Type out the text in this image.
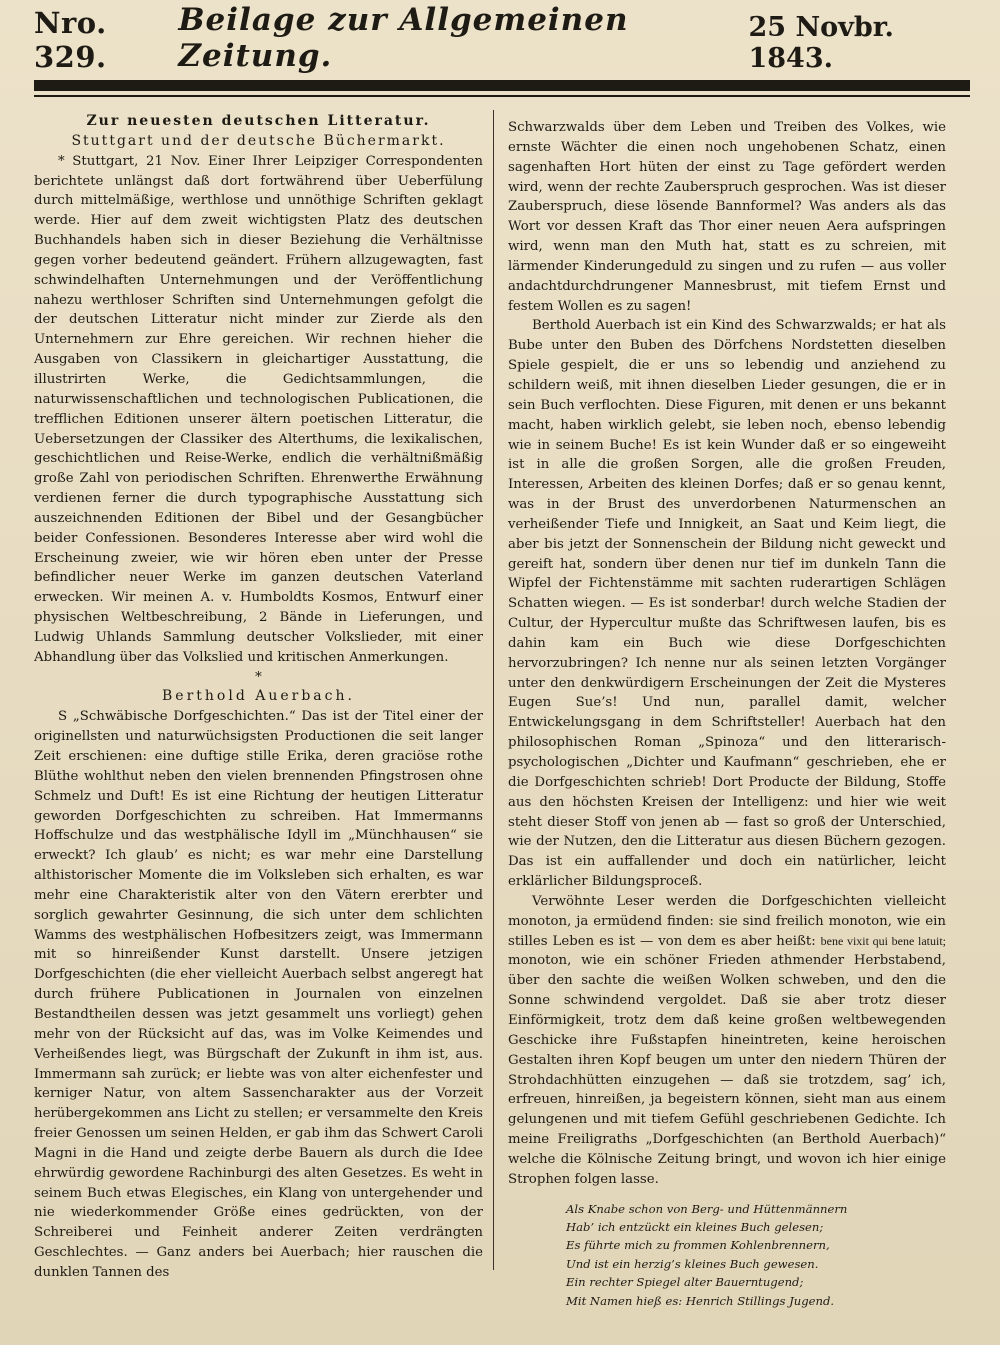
Nro. 329.
Beilage zur Allgemeinen Zeitung.
25 Novbr. 1843.

Zur neuesten deutschen Litteratur.

Stuttgart und der deutsche Büchermarkt.

* Stuttgart, 21 Nov. Einer Ihrer Leipziger Correspondenten berichtete unlängst daß dort fortwährend über Ueberfülung durch mittelmäßige, werthlose und unnöthige Schriften geklagt werde. Hier auf dem zweit wichtigsten Platz des deutschen Buchhandels haben sich in dieser Beziehung die Verhältnisse gegen vorher bedeutend geändert. Frühern allzugewagten, fast schwindelhaften Unternehmungen und der Veröffentlichung nahezu werthloser Schriften sind Unternehmungen gefolgt die der deutschen Litteratur nicht minder zur Zierde als den Unternehmern zur Ehre gereichen. Wir rechnen hieher die Ausgaben von Classikern in gleichartiger Ausstattung, die illustrirten Werke, die Gedichtsammlungen, die naturwissenschaftlichen und technologischen Publicationen, die trefflichen Editionen unserer ältern poetischen Litteratur, die Uebersetzungen der Classiker des Alterthums, die lexikalischen, geschichtlichen und Reise-Werke, endlich die verhältnißmäßig große Zahl von periodischen Schriften. Ehrenwerthe Erwähnung verdienen ferner die durch typographische Ausstattung sich auszeichnenden Editionen der Bibel und der Gesangbücher beider Confessionen. Besonderes Interesse aber wird wohl die Erscheinung zweier, wie wir hören eben unter der Presse befindlicher neuer Werke im ganzen deutschen Vaterland erwecken. Wir meinen A. v. Humboldts Kosmos, Entwurf einer physischen Weltbeschreibung, 2 Bände in Lieferungen, und Ludwig Uhlands Sammlung deutscher Volkslieder, mit einer Abhandlung über das Volkslied und kritischen Anmerkungen.

*

Berthold Auerbach.

S „Schwäbische Dorfgeschichten.“ Das ist der Titel einer der originellsten und naturwüchsigsten Productionen die seit langer Zeit erschienen: eine duftige stille Erika, deren graciöse rothe Blüthe wohlthut neben den vielen brennenden Pfingstrosen ohne Schmelz und Duft! Es ist eine Richtung der heutigen Litteratur geworden Dorfgeschichten zu schreiben. Hat Immermanns Hoffschulze und das westphälische Idyll im „Münchhausen“ sie erweckt? Ich glaub’ es nicht; es war mehr eine Darstellung althistorischer Momente die im Volksleben sich erhalten, es war mehr eine Charakteristik alter von den Vätern ererbter und sorglich gewahrter Gesinnung, die sich unter dem schlichten Wamms des westphälischen Hofbesitzers zeigt, was Immermann mit so hinreißender Kunst darstellt. Unsere jetzigen Dorfgeschichten (die eher vielleicht Auerbach selbst angeregt hat durch frühere Publicationen in Journalen von einzelnen Bestandtheilen dessen was jetzt gesammelt uns vorliegt) gehen mehr von der Rücksicht auf das, was im Volke Keimendes und Verheißendes liegt, was Bürgschaft der Zukunft in ihm ist, aus. Immermann sah zurück; er liebte was von alter eichenfester und kerniger Natur, von altem Sassencharakter aus der Vorzeit herübergekommen ans Licht zu stellen; er versammelte den Kreis freier Genossen um seinen Helden, er gab ihm das Schwert Caroli Magni in die Hand und zeigte derbe Bauern als durch die Idee ehrwürdig gewordene Rachinburgi des alten Gesetzes. Es weht in seinem Buch etwas Elegisches, ein Klang von untergehender und nie wiederkommender Größe eines gedrückten, von der Schreiberei und Feinheit anderer Zeiten verdrängten Geschlechtes. — Ganz anders bei Auerbach; hier rauschen die dunklen Tannen des

Schwarzwalds über dem Leben und Treiben des Volkes, wie ernste Wächter die einen noch ungehobenen Schatz, einen sagenhaften Hort hüten der einst zu Tage gefördert werden wird, wenn der rechte Zauberspruch gesprochen. Was ist dieser Zauberspruch, diese lösende Bannformel? Was anders als das Wort vor dessen Kraft das Thor einer neuen Aera aufspringen wird, wenn man den Muth hat, statt es zu schreien, mit lärmender Kinderungeduld zu singen und zu rufen — aus voller andachtdurchdrungener Mannesbrust, mit tiefem Ernst und festem Wollen es zu sagen!

Berthold Auerbach ist ein Kind des Schwarzwalds; er hat als Bube unter den Buben des Dörfchens Nordstetten dieselben Spiele gespielt, die er uns so lebendig und anziehend zu schildern weiß, mit ihnen dieselben Lieder gesungen, die er in sein Buch verflochten. Diese Figuren, mit denen er uns bekannt macht, haben wirklich gelebt, sie leben noch, ebenso lebendig wie in seinem Buche! Es ist kein Wunder daß er so eingeweiht ist in alle die großen Sorgen, alle die großen Freuden, Interessen, Arbeiten des kleinen Dorfes; daß er so genau kennt, was in der Brust des unverdorbenen Naturmenschen an verheißender Tiefe und Innigkeit, an Saat und Keim liegt, die aber bis jetzt der Sonnenschein der Bildung nicht geweckt und gereift hat, sondern über denen nur tief im dunkeln Tann die Wipfel der Fichtenstämme mit sachten ruderartigen Schlägen Schatten wiegen. — Es ist sonderbar! durch welche Stadien der Cultur, der Hypercultur mußte das Schriftwesen laufen, bis es dahin kam ein Buch wie diese Dorfgeschichten hervorzubringen? Ich nenne nur als seinen letzten Vorgänger unter den denkwürdigern Erscheinungen der Zeit die Mysteres Eugen Sue’s! Und nun, parallel damit, welcher Entwickelungsgang in dem Schriftsteller! Auerbach hat den philosophischen Roman „Spinoza“ und den litterarisch-psychologischen „Dichter und Kaufmann“ geschrieben, ehe er die Dorfgeschichten schrieb! Dort Producte der Bildung, Stoffe aus den höchsten Kreisen der Intelligenz: und hier wie weit steht dieser Stoff von jenen ab — fast so groß der Unterschied, wie der Nutzen, den die Litteratur aus diesen Büchern gezogen. Das ist ein auffallender und doch ein natürlicher, leicht erklärlicher Bildungsproceß.

Verwöhnte Leser werden die Dorfgeschichten vielleicht monoton, ja ermüdend finden: sie sind freilich monoton, wie ein stilles Leben es ist — von dem es aber heißt: bene vixit qui bene latuit; monoton, wie ein schöner Frieden athmender Herbstabend, über den sachte die weißen Wolken schweben, und den die Sonne schwindend vergoldet. Daß sie aber trotz dieser Einförmigkeit, trotz dem daß keine großen weltbewegenden Geschicke ihre Fußstapfen hineintreten, keine heroischen Gestalten ihren Kopf beugen um unter den niedern Thüren der Strohdachhütten einzugehen — daß sie trotzdem, sag’ ich, erfreuen, hinreißen, ja begeistern können, sieht man aus einem gelungenen und mit tiefem Gefühl geschriebenen Gedichte. Ich meine Freiligraths „Dorfgeschichten (an Berthold Auerbach)“ welche die Kölnische Zeitung bringt, und wovon ich hier einige Strophen folgen lasse.

Als Knabe schon von Berg- und Hüttenmännern

Hab’ ich entzückt ein kleines Buch gelesen;

Es führte mich zu frommen Kohlenbrennern,

Und ist ein herzig’s kleines Buch gewesen.

Ein rechter Spiegel alter Bauerntugend;

Mit Namen hieß es: Henrich Stillings Jugend.
